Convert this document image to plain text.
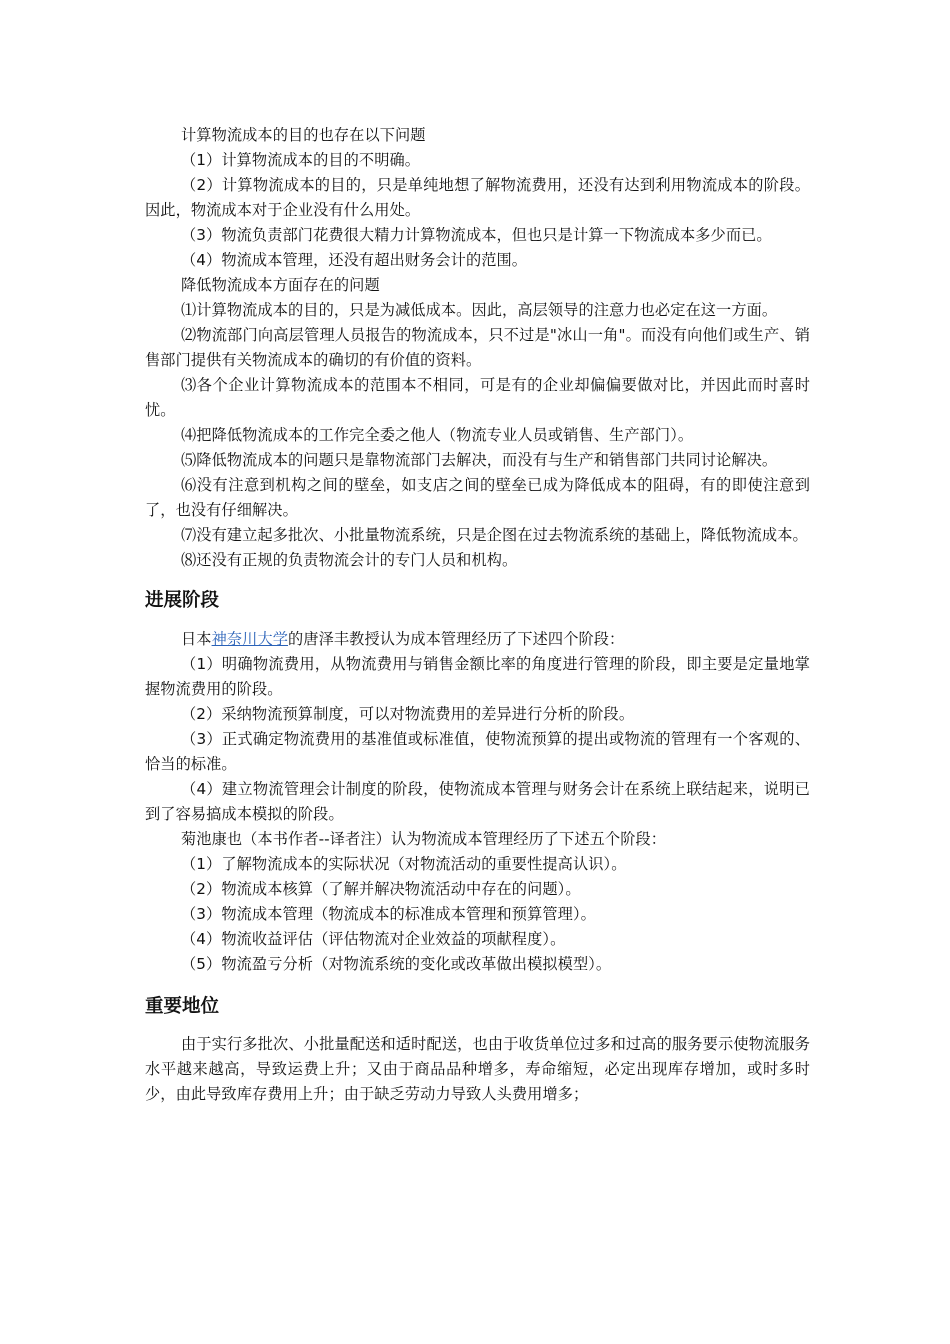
计算物流成本的目的也存在以下问题

（1）计算物流成本的目的不明确。

（2）计算物流成本的目的，只是单纯地想了解物流费用，还没有达到利用物流成本的阶段。因此，物流成本对于企业没有什么用处。

（3）物流负责部门花费很大精力计算物流成本，但也只是计算一下物流成本多少而已。

（4）物流成本管理，还没有超出财务会计的范围。

降低物流成本方面存在的问题

⑴计算物流成本的目的，只是为减低成本。因此，高层领导的注意力也必定在这一方面。

⑵物流部门向高层管理人员报告的物流成本，只不过是"冰山一角"。而没有向他们或生产、销售部门提供有关物流成本的确切的有价值的资料。

⑶各个企业计算物流成本的范围本不相同，可是有的企业却偏偏要做对比，并因此而时喜时忧。

⑷把降低物流成本的工作完全委之他人（物流专业人员或销售、生产部门）。

⑸降低物流成本的问题只是靠物流部门去解决，而没有与生产和销售部门共同讨论解决。

⑹没有注意到机构之间的壁垒，如支店之间的壁垒已成为降低成本的阻碍，有的即使注意到了，也没有仔细解决。

⑺没有建立起多批次、小批量物流系统，只是企图在过去物流系统的基础上，降低物流成本。

⑻还没有正规的负责物流会计的专门人员和机构。

进展阶段

日本神奈川大学的唐泽丰教授认为成本管理经历了下述四个阶段：

（1）明确物流费用，从物流费用与销售金额比率的角度进行管理的阶段，即主要是定量地掌握物流费用的阶段。

（2）采纳物流预算制度，可以对物流费用的差异进行分析的阶段。

（3）正式确定物流费用的基准值或标准值，使物流预算的提出或物流的管理有一个客观的、恰当的标准。

（4）建立物流管理会计制度的阶段，使物流成本管理与财务会计在系统上联结起来，说明已到了容易搞成本模拟的阶段。

菊池康也（本书作者--译者注）认为物流成本管理经历了下述五个阶段：

（1）了解物流成本的实际状况（对物流活动的重要性提高认识）。

（2）物流成本核算（了解并解决物流活动中存在的问题）。

（3）物流成本管理（物流成本的标准成本管理和预算管理）。

（4）物流收益评估（评估物流对企业效益的项献程度）。

（5）物流盈亏分析（对物流系统的变化或改革做出模拟模型）。

重要地位

由于实行多批次、小批量配送和适时配送，也由于收货单位过多和过高的服务要示使物流服务水平越来越高，导致运费上升；又由于商品品种增多，寿命缩短，必定出现库存增加，或时多时少，由此导致库存费用上升；由于缺乏劳动力导致人头费用增多；
